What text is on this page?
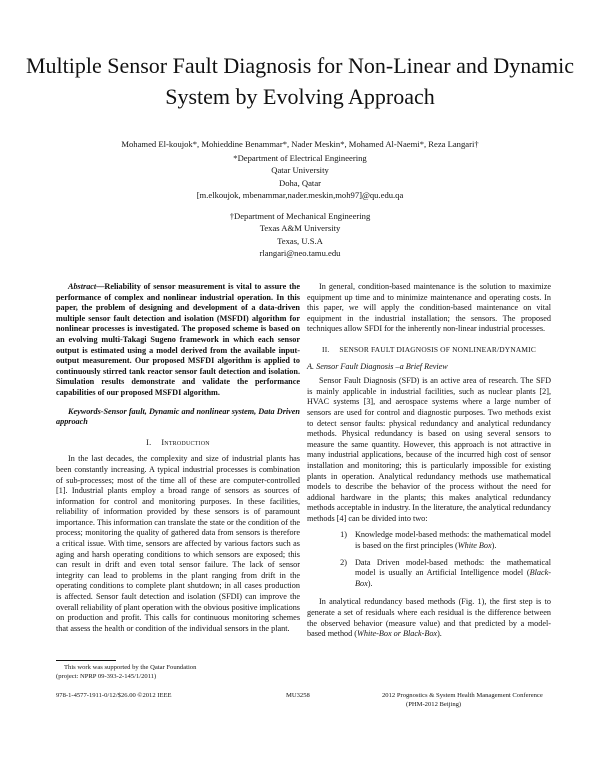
Multiple Sensor Fault Diagnosis for Non-Linear and Dynamic System by Evolving Approach
Mohamed El-koujok*, Mohieddine Benammar*, Nader Meskin*, Mohamed Al-Naemi*, Reza Langari†
*Department of Electrical Engineering
Qatar University
Doha, Qatar
[m.elkoujok, mbenammar,nader.meskin,moh97]@qu.edu.qa
†Department of Mechanical Engineering
Texas A&M University
Texas, U.S.A
rlangari@neo.tamu.edu

Abstract—Reliability of sensor measurement is vital to assure the performance of complex and nonlinear industrial operation. In this paper, the problem of designing and development of a data-driven multiple sensor fault detection and isolation (MSFDI) algorithm for nonlinear processes is investigated. The proposed scheme is based on an evolving multi-Takagi Sugeno framework in which each sensor output is estimated using a model derived from the available input-output measurement. Our proposed MSFDI algorithm is applied to continuously stirred tank reactor sensor fault detection and isolation. Simulation results demonstrate and validate the performance capabilities of our proposed MSFDI algorithm.

Keywords-Sensor fault, Dynamic and nonlinear system, Data Driven approach

I. Introduction

In the last decades, the complexity and size of industrial plants has been constantly increasing. A typical industrial processes is combination of sub-processes; most of the time all of these are computer-controlled [1]. Industrial plants employ a broad range of sensors as sources of information for control and monitoring purposes. In these facilities, reliability of information provided by these sensors is of paramount importance. This information can translate the state or the condition of the process; monitoring the quality of gathered data from sensors is therefore a critical issue. With time, sensors are affected by various factors such as aging and harsh operating conditions to which sensors are exposed; this can result in drift and even total sensor failure. The lack of sensor integrity can lead to problems in the plant ranging from drift in the operating conditions to complete plant shutdown; in all cases production is affected. Sensor fault detection and isolation (SFDI) can improve the overall reliability of plant operation with the obvious positive implications on production and profit. This calls for continuous monitoring schemes that assess the health or condition of the individual sensors in the plant.

In general, condition-based maintenance is the solution to maximize equipment up time and to minimize maintenance and operating costs. In this paper, we will apply the condition-based maintenance on vital equipment in the industrial installation; the sensors. The proposed techniques allow SFDI for the inherently non-linear industrial processes.

II. SENSOR FAULT DIAGNOSIS OF NONLINEAR/DYNAMIC

A. Sensor Fault Diagnosis –a Brief Review

Sensor Fault Diagnosis (SFD) is an active area of research. The SFD is mainly applicable in industrial facilities, such as nuclear plants [2], HVAC systems [3], and aerospace systems where a large number of sensors are used for control and diagnostic purposes. Two methods exist to detect sensor faults: physical redundancy and analytical redundancy methods. Physical redundancy is based on using several sensors to measure the same quantity. However, this approach is not attractive in many industrial applications, because of the incurred high cost of sensor installation and monitoring; this is particularly impossible for existing plants in operation. Analytical redundancy methods use mathematical models to describe the behavior of the process without the need for addional hardware in the plants; this makes analytical redundancy methods acceptable in industry. In the literature, the analytical redundancy methods [4] can be divided into two:

1) Knowledge model-based methods: the mathematical model is based on the first principles (White Box).
2) Data Driven model-based methods: the mathematical model is usually an Artificial Intelligence model (Black-Box).

In analytical redundancy based methods (Fig. 1), the first step is to generate a set of residuals where each residual is the difference between the observed behavior (measure value) and that predicted by a model-based method (White-Box or Black-Box).

This work was supported by the Qatar Foundation
(project: NPRP 09-393-2-145/1/2011)
978-1-4577-1911-0/12/$26.00 ©2012 IEEE	MU3258	2012 Prognostics & System Health Management Conference
(PHM-2012 Beijing)
